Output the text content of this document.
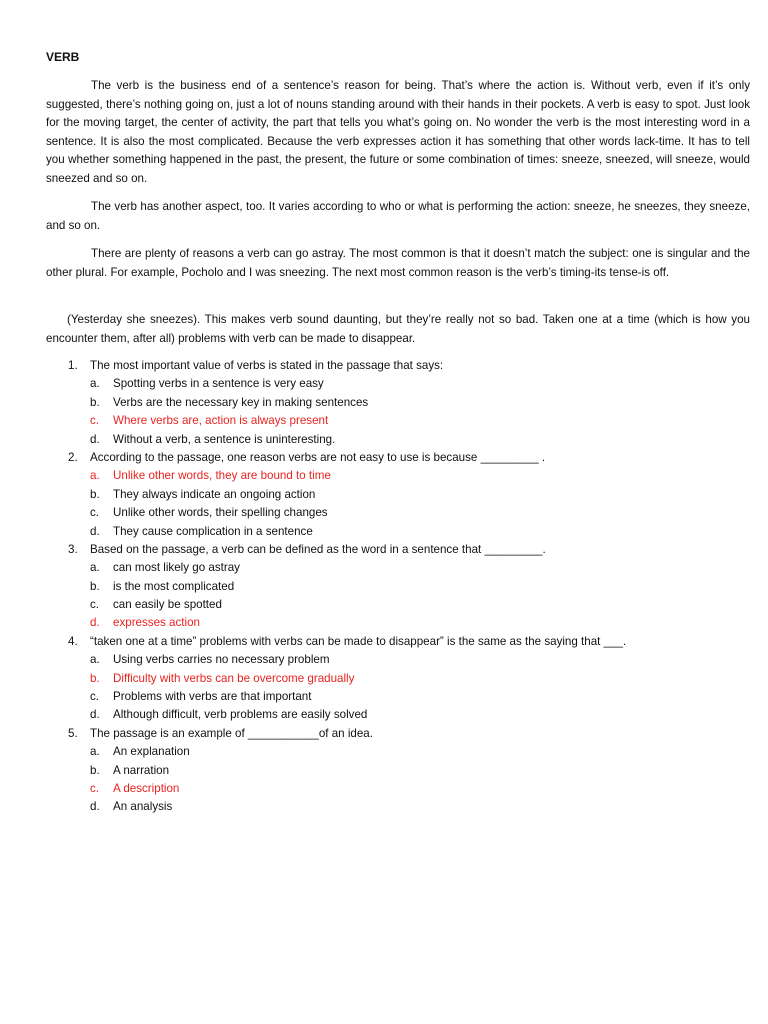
VERB

The verb is the business end of a sentence’s reason for being. That’s where the action is. Without verb, even if it’s only suggested, there’s nothing going on, just a lot of nouns standing around with their hands in their pockets. A verb is easy to spot. Just look for the moving target, the center of activity, the part that tells you what’s going on. No wonder the verb is the most interesting word in a sentence. It is also the most complicated. Because the verb expresses action it has something that other words lack-time. It has to tell you whether something happened in the past, the present, the future or some combination of times: sneeze, sneezed, will sneeze, would sneezed and so on.

The verb has another aspect, too. It varies according to who or what is performing the action: sneeze, he sneezes, they sneeze, and so on.

There are plenty of reasons a verb can go astray. The most common is that it doesn’t match the subject: one is singular and the other plural. For example, Pocholo and I was sneezing. The next most common reason is the verb’s timing-its tense-is off.

(Yesterday she sneezes). This makes verb sound daunting, but they’re really not so bad. Taken one at a time (which is how you encounter them, after all) problems with verb can be made to disappear.

1. The most important value of verbs is stated in the passage that says:
a. Spotting verbs in a sentence is very easy
b. Verbs are the necessary key in making sentences
c. Where verbs are, action is always present
d. Without a verb, a sentence is uninteresting.
2. According to the passage, one reason verbs are not easy to use is because _________ .
a. Unlike other words, they are bound to time
b. They always indicate an ongoing action
c. Unlike other words, their spelling changes
d. They cause complication in a sentence
3. Based on the passage, a verb can be defined as the word in a sentence that _________.
a. can most likely go astray
b. is the most complicated
c. can easily be spotted
d. expresses action
4. “taken one at a time” problems with verbs can be made to disappear” is the same as the saying that ___.
a. Using verbs carries no necessary problem
b. Difficulty with verbs can be overcome gradually
c. Problems with verbs are that important
d. Although difficult, verb problems are easily solved
5. The passage is an example of ___________of an idea.
a. An explanation
b. A narration
c. A description
d. An analysis
